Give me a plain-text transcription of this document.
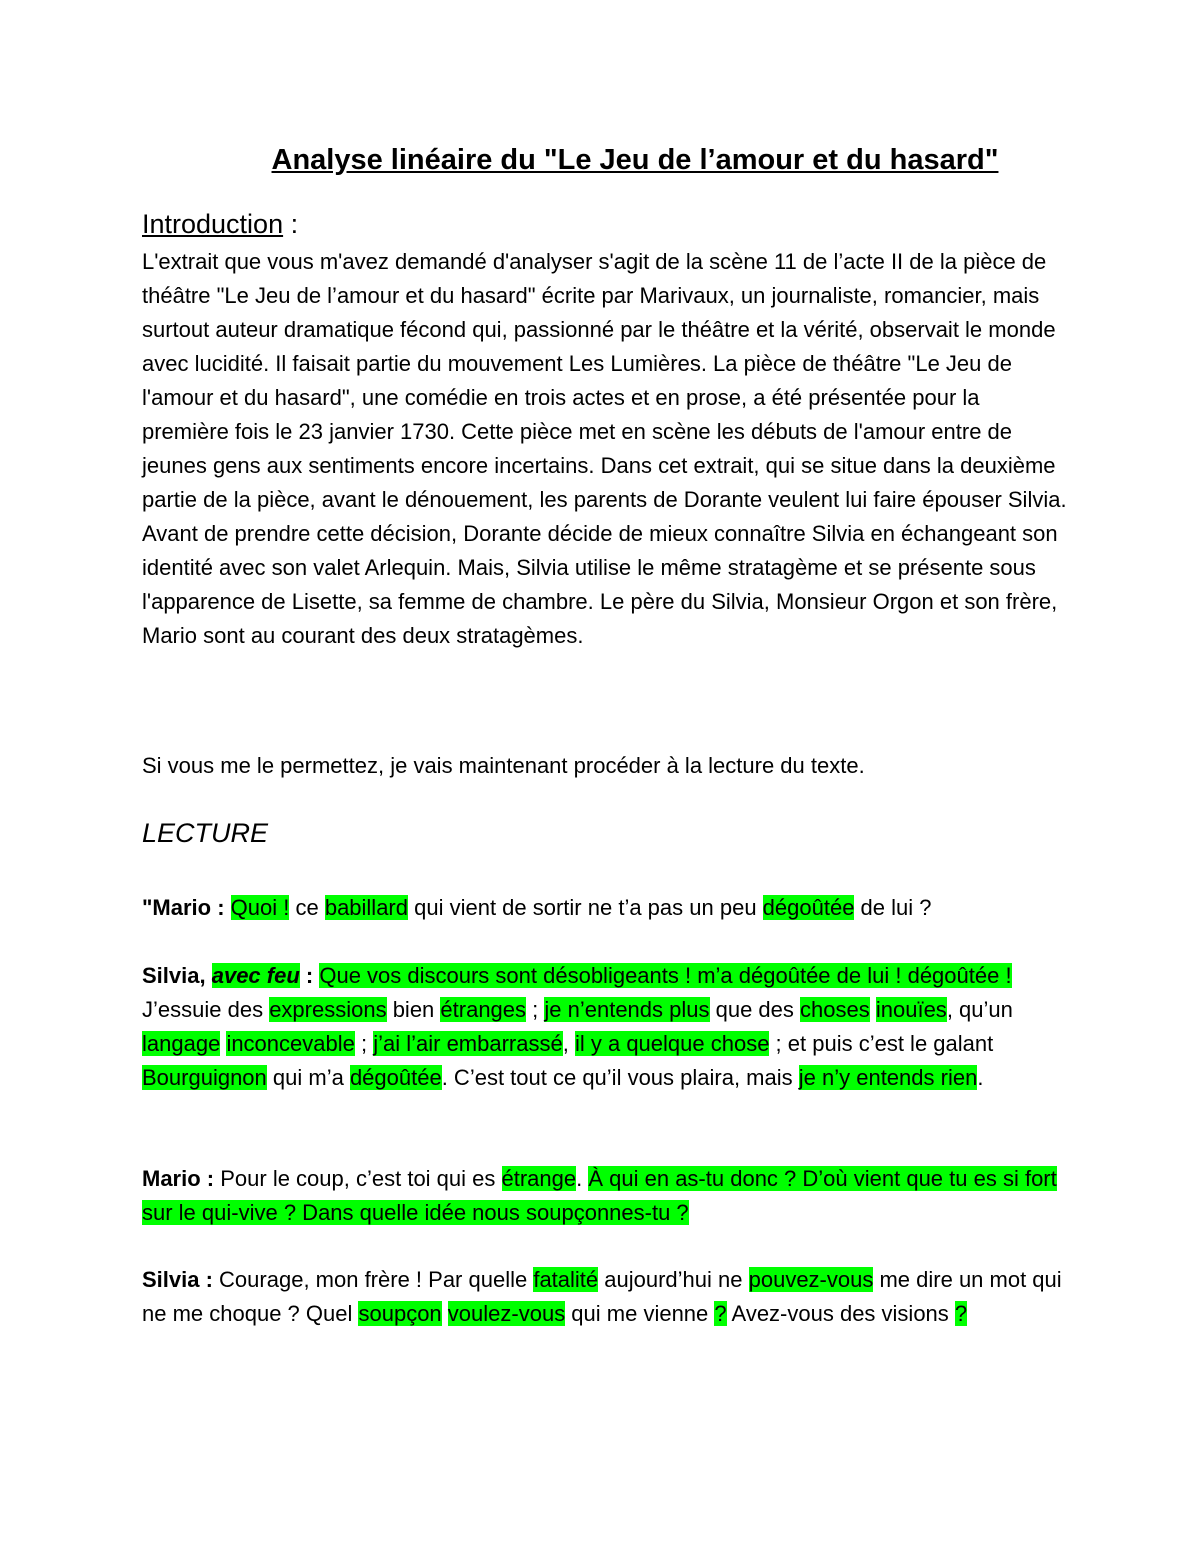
Analyse linéaire du "Le Jeu de l’amour et du hasard"

Introduction :

L'extrait que vous m'avez demandé d'analyser s'agit de la scène 11 de l’acte II de la pièce de théâtre "Le Jeu de l’amour et du hasard" écrite par Marivaux, un journaliste, romancier, mais surtout auteur dramatique fécond qui, passionné par le théâtre et la vérité, observait le monde avec lucidité. Il faisait partie du mouvement Les Lumières. La pièce de théâtre "Le Jeu de l'amour et du hasard", une comédie en trois actes et en prose, a été présentée pour la première fois le 23 janvier 1730. Cette pièce met en scène les débuts de l'amour entre de jeunes gens aux sentiments encore incertains. Dans cet extrait, qui se situe dans la deuxième partie de la pièce, avant le dénouement, les parents de Dorante veulent lui faire épouser Silvia. Avant de prendre cette décision, Dorante décide de mieux connaître Silvia en échangeant son identité avec son valet Arlequin. Mais, Silvia utilise le même stratagème et se présente sous l'apparence de Lisette, sa femme de chambre. Le père du Silvia, Monsieur Orgon et son frère, Mario sont au courant des deux stratagèmes.

Si vous me le permettez, je vais maintenant procéder à la lecture du texte.

LECTURE

"Mario : Quoi ! ce babillard qui vient de sortir ne t’a pas un peu dégoûtée de lui ?

Silvia, avec feu : Que vos discours sont désobligeants ! m’a dégoûtée de lui ! dégoûtée ! J’essuie des expressions bien étranges ; je n’entends plus que des choses inouïes, qu’un langage inconcevable ; j’ai l’air embarrassé, il y a quelque chose ; et puis c’est le galant Bourguignon qui m’a dégoûtée. C’est tout ce qu’il vous plaira, mais je n’y entends rien.

Mario : Pour le coup, c’est toi qui es étrange. À qui en as-tu donc ? D’où vient que tu es si fort sur le qui-vive ? Dans quelle idée nous soupçonnes-tu ?

Silvia : Courage, mon frère ! Par quelle fatalité aujourd’hui ne pouvez-vous me dire un mot qui ne me choque ? Quel soupçon voulez-vous qui me vienne ? Avez-vous des visions ?
